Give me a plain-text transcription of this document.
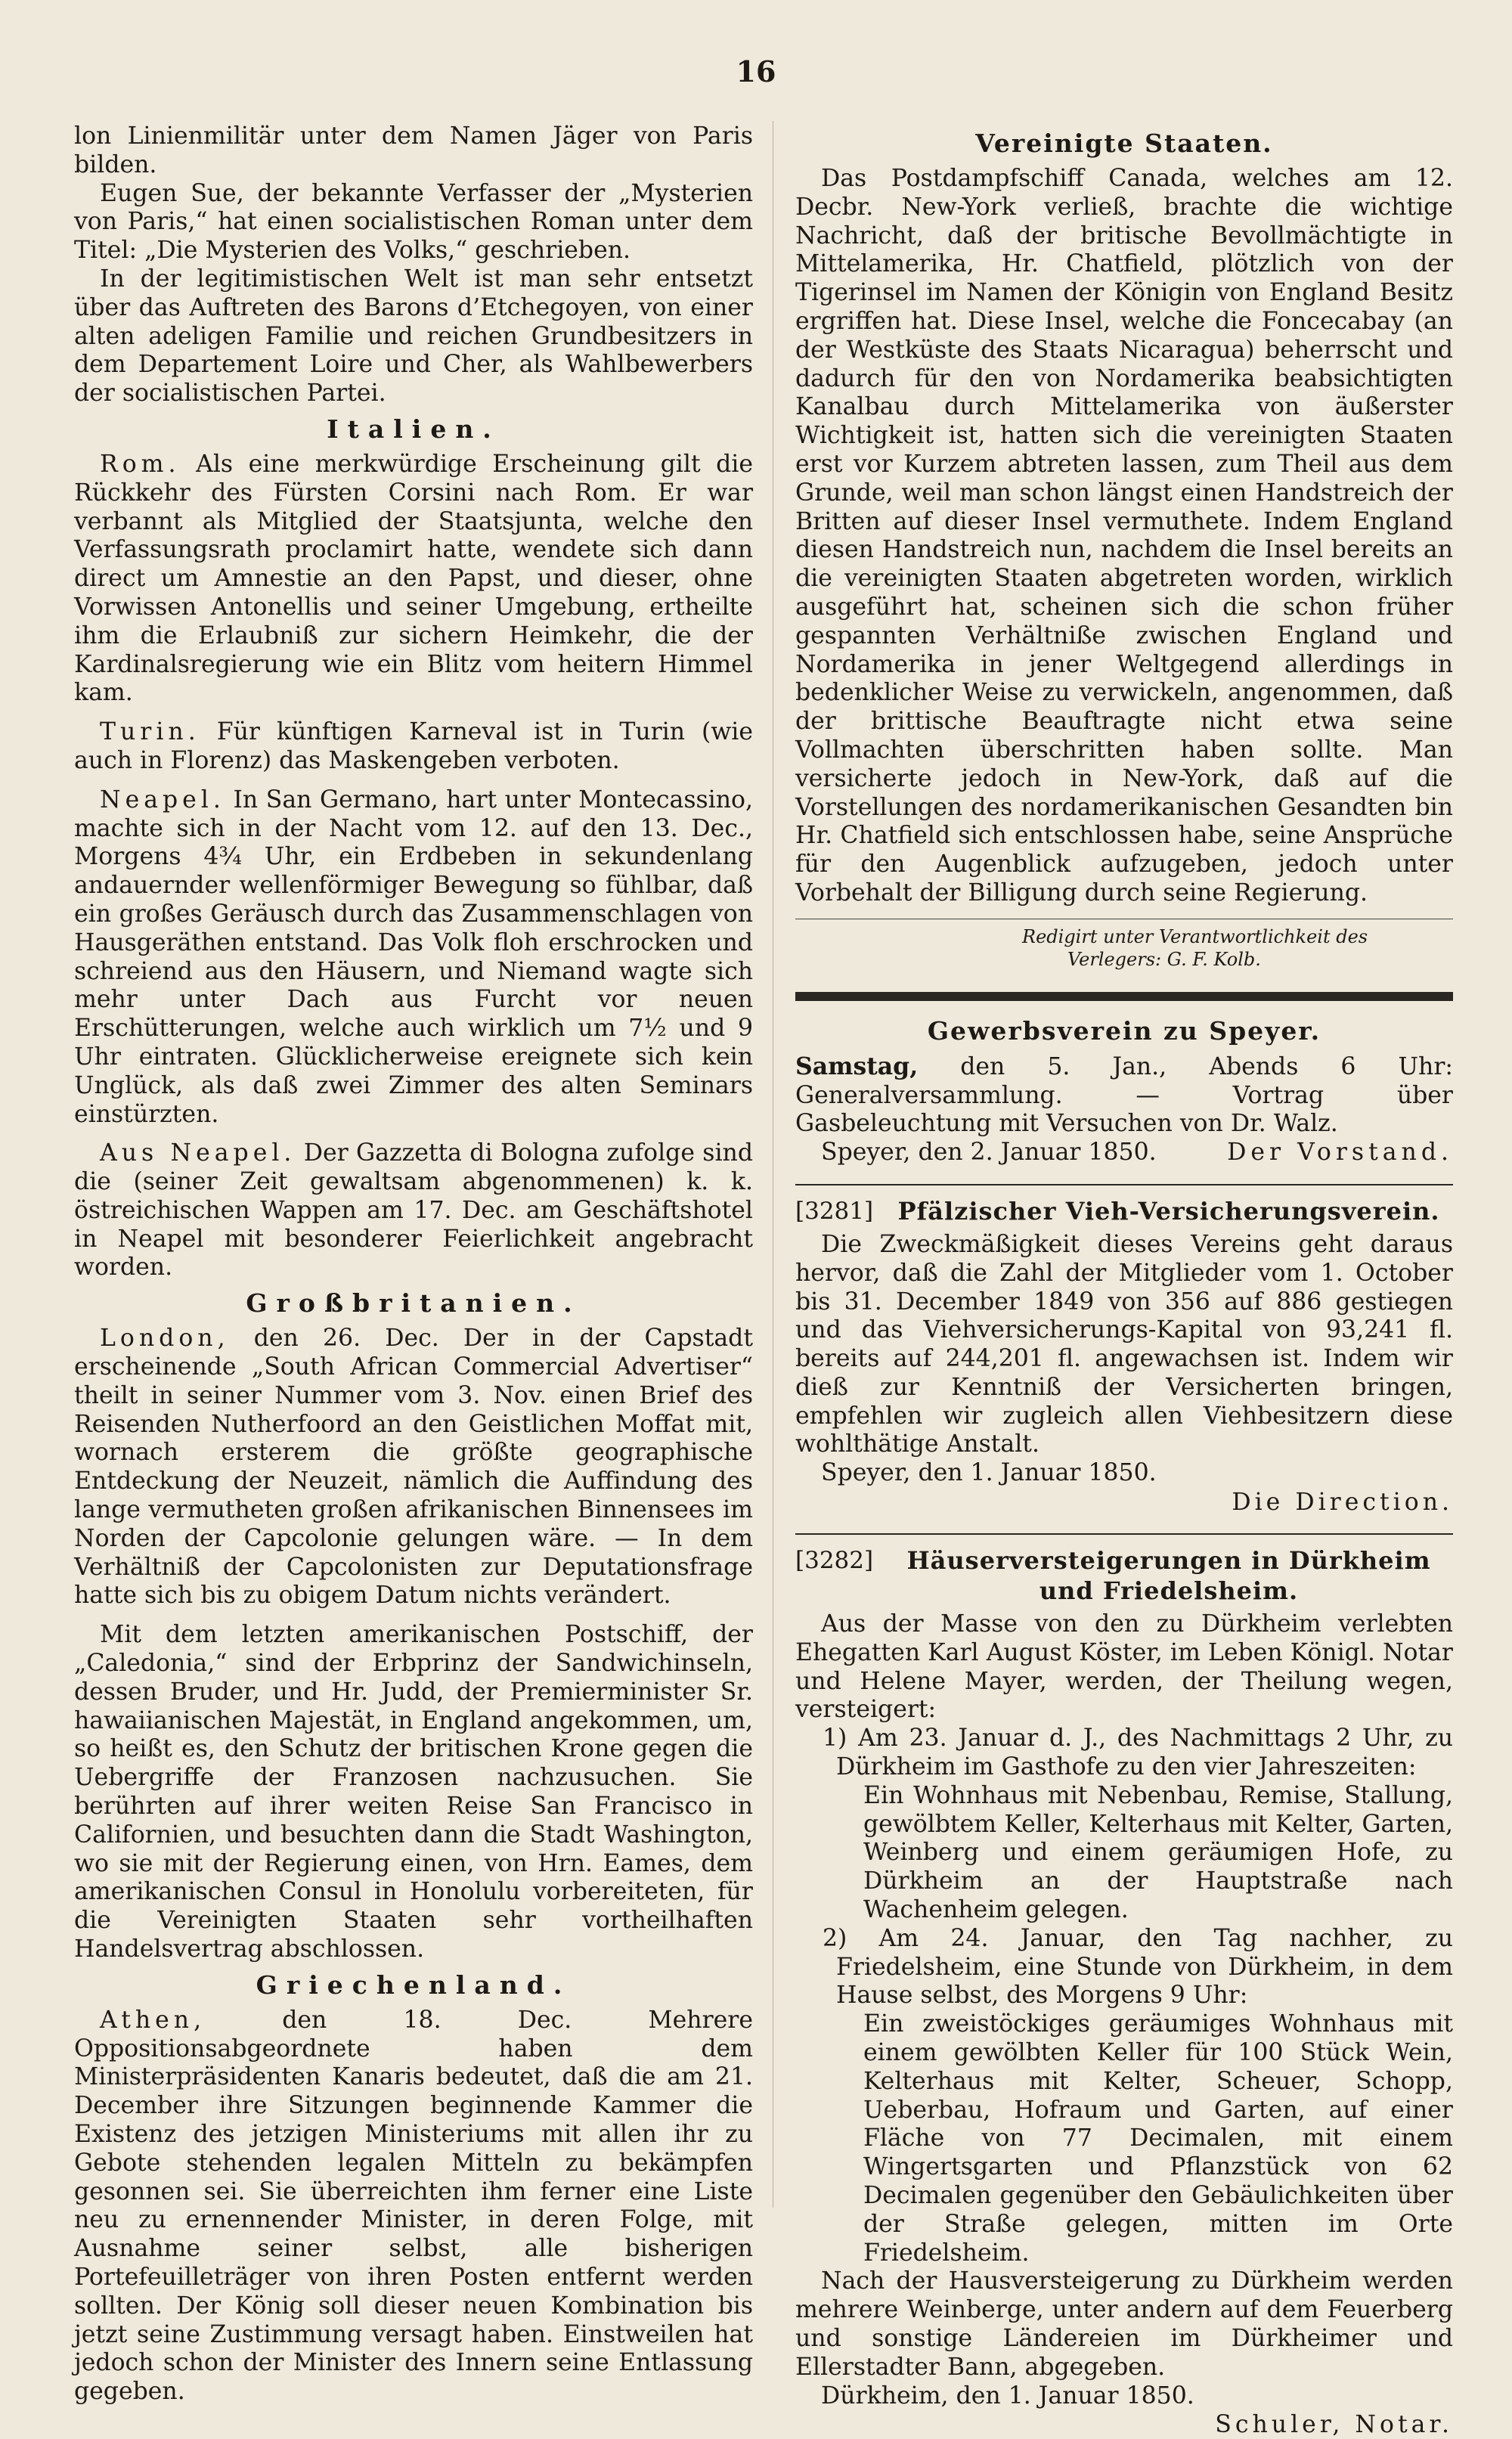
16

lon Linienmilitär unter dem Namen Jäger von Paris bilden.

Eugen Sue, der bekannte Verfasser der „Mysterien von Paris,“ hat einen socialistischen Roman unter dem Titel: „Die Mysterien des Volks,“ geschrieben.

In der legitimistischen Welt ist man sehr entsetzt über das Auftreten des Barons d’Etchegoyen, von einer alten adeligen Familie und reichen Grundbesitzers in dem Departement Loire und Cher, als Wahlbewerbers der socialistischen Partei.

Italien.

Rom. Als eine merkwürdige Erscheinung gilt die Rückkehr des Fürsten Corsini nach Rom. Er war verbannt als Mitglied der Staatsjunta, welche den Verfassungsrath proclamirt hatte, wendete sich dann direct um Amnestie an den Papst, und dieser, ohne Vorwissen Antonellis und seiner Umgebung, ertheilte ihm die Erlaubniß zur sichern Heimkehr, die der Kardinalsregierung wie ein Blitz vom heitern Himmel kam.

Turin. Für künftigen Karneval ist in Turin (wie auch in Florenz) das Maskengeben verboten.

Neapel. In San Germano, hart unter Montecassino, machte sich in der Nacht vom 12. auf den 13. Dec., Morgens 4¾ Uhr, ein Erdbeben in sekundenlang andauernder wellenförmiger Bewegung so fühlbar, daß ein großes Geräusch durch das Zusammenschlagen von Hausgeräthen entstand. Das Volk floh erschrocken und schreiend aus den Häusern, und Niemand wagte sich mehr unter Dach aus Furcht vor neuen Erschütterungen, welche auch wirklich um 7½ und 9 Uhr eintraten. Glücklicherweise ereignete sich kein Unglück, als daß zwei Zimmer des alten Seminars einstürzten.

Aus Neapel. Der Gazzetta di Bologna zufolge sind die (seiner Zeit gewaltsam abgenommenen) k. k. östreichischen Wappen am 17. Dec. am Geschäftshotel in Neapel mit besonderer Feierlichkeit angebracht worden.

Großbritanien.

London, den 26. Dec. Der in der Capstadt erscheinende „South African Commercial Advertiser“ theilt in seiner Nummer vom 3. Nov. einen Brief des Reisenden Nutherfoord an den Geistlichen Moffat mit, wornach ersterem die größte geographische Entdeckung der Neuzeit, nämlich die Auffindung des lange vermutheten großen afrikanischen Binnensees im Norden der Capcolonie gelungen wäre. — In dem Verhältniß der Capcolonisten zur Deputationsfrage hatte sich bis zu obigem Datum nichts verändert.

Mit dem letzten amerikanischen Postschiff, der „Caledonia,“ sind der Erbprinz der Sandwichinseln, dessen Bruder, und Hr. Judd, der Premierminister Sr. hawaiianischen Majestät, in England angekommen, um, so heißt es, den Schutz der britischen Krone gegen die Uebergriffe der Franzosen nachzusuchen. Sie berührten auf ihrer weiten Reise San Francisco in Californien, und besuchten dann die Stadt Washington, wo sie mit der Regierung einen, von Hrn. Eames, dem amerikanischen Consul in Honolulu vorbereiteten, für die Vereinigten Staaten sehr vortheilhaften Handelsvertrag abschlossen.

Griechenland.

Athen,	den 18. Dec. Mehrere Oppositionsabgeordnete haben dem Ministerpräsidenten Kanaris bedeutet, daß die am 21. December ihre Sitzungen beginnende Kammer die Existenz des jetzigen Ministeriums mit allen ihr zu Gebote stehenden legalen Mitteln zu bekämpfen gesonnen sei. Sie überreichten ihm ferner eine Liste neu zu ernennender Minister, in deren Folge, mit Ausnahme seiner selbst, alle bisherigen Portefeuilleträger von ihren Posten entfernt werden sollten. Der König soll dieser neuen Kombination bis jetzt seine Zustimmung versagt haben. Einstweilen hat jedoch schon der Minister des Innern seine Entlassung gegeben.

Vereinigte Staaten.

Das Postdampfschiff Canada, welches am 12. Decbr. New-York verließ, brachte die wichtige Nachricht, daß der britische Bevollmächtigte in Mittelamerika, Hr. Chatfield, plötzlich von der Tigerinsel im Namen der Königin von England Besitz ergriffen hat. Diese Insel, welche die Foncecabay (an der Westküste des Staats Nicaragua) beherrscht und dadurch für den von Nordamerika beabsichtigten Kanalbau durch Mittelamerika von äußerster Wichtigkeit ist, hatten sich die vereinigten Staaten erst vor Kurzem abtreten lassen, zum Theil aus dem Grunde, weil man schon längst einen Handstreich der Britten auf dieser Insel vermuthete. Indem England diesen Handstreich nun, nachdem die Insel bereits an die vereinigten Staaten abgetreten worden, wirklich ausgeführt hat, scheinen sich die schon früher gespannten Verhältniße zwischen England und Nordamerika in jener Weltgegend allerdings in bedenklicher Weise zu verwickeln, angenommen, daß der brittische Beauftragte nicht etwa seine Vollmachten überschritten haben sollte. Man versicherte jedoch in New-York, daß auf die Vorstellungen des nordamerikanischen Gesandten bin Hr. Chatfield sich entschlossen habe, seine Ansprüche für den Augenblick aufzugeben, jedoch unter Vorbehalt der Billigung durch seine Regierung.

Redigirt unter Verantwortlichkeit des
Verlegers: G. F. Kolb.
Gewerbsverein zu Speyer.

Samstag, den 5. Jan., Abends 6 Uhr: Generalversammlung. — Vortrag über Gasbeleuchtung mit Versuchen von Dr. Walz.

Speyer, den 2. Januar 1850.	Der Vorstand.
[3281]	Pfälzischer Vieh-Versicherungsverein.

Die Zweckmäßigkeit dieses Vereins geht daraus hervor, daß die Zahl der Mitglieder vom 1. October bis 31. December 1849 von 356 auf 886 gestiegen und das Viehversicherungs-Kapital von 93,241 fl. bereits auf 244,201 fl. angewachsen ist. Indem wir dieß zur Kenntniß der Versicherten bringen, empfehlen wir zugleich allen Viehbesitzern diese wohlthätige Anstalt.

Speyer, den 1. Januar 1850.

Die Direction.
[3282]	Häuserversteigerungen in Dürkheim und Friedelsheim.

Aus der Masse von den zu Dürkheim verlebten Ehegatten Karl August Köster, im Leben Königl. Notar und Helene Mayer, werden, der Theilung wegen, versteigert:

1) Am 23. Januar d. J., des Nachmittags 2 Uhr, zu Dürkheim im Gasthofe zu den vier Jahreszeiten:
Ein Wohnhaus mit Nebenbau, Remise, Stallung, gewölbtem Keller, Kelterhaus mit Kelter, Garten, Weinberg und einem geräumigen Hofe, zu Dürkheim an der Hauptstraße nach Wachenheim gelegen.
2) Am 24. Januar, den Tag nachher, zu Friedelsheim, eine Stunde von Dürkheim, in dem Hause selbst, des Morgens 9 Uhr:
Ein zweistöckiges geräumiges Wohnhaus mit einem gewölbten Keller für 100 Stück Wein, Kelterhaus mit Kelter, Scheuer, Schopp, Ueberbau, Hofraum und Garten, auf einer Fläche von 77 Decimalen, mit einem Wingertsgarten und Pflanzstück von 62 Decimalen gegenüber den Gebäulichkeiten über der Straße gelegen, mitten im Orte Friedelsheim.

Nach der Hausversteigerung zu Dürkheim werden mehrere Weinberge, unter andern auf dem Feuerberg und sonstige Ländereien im Dürkheimer und Ellerstadter Bann, abgegeben.

Dürkheim, den 1. Januar 1850.

Schuler, Notar.
